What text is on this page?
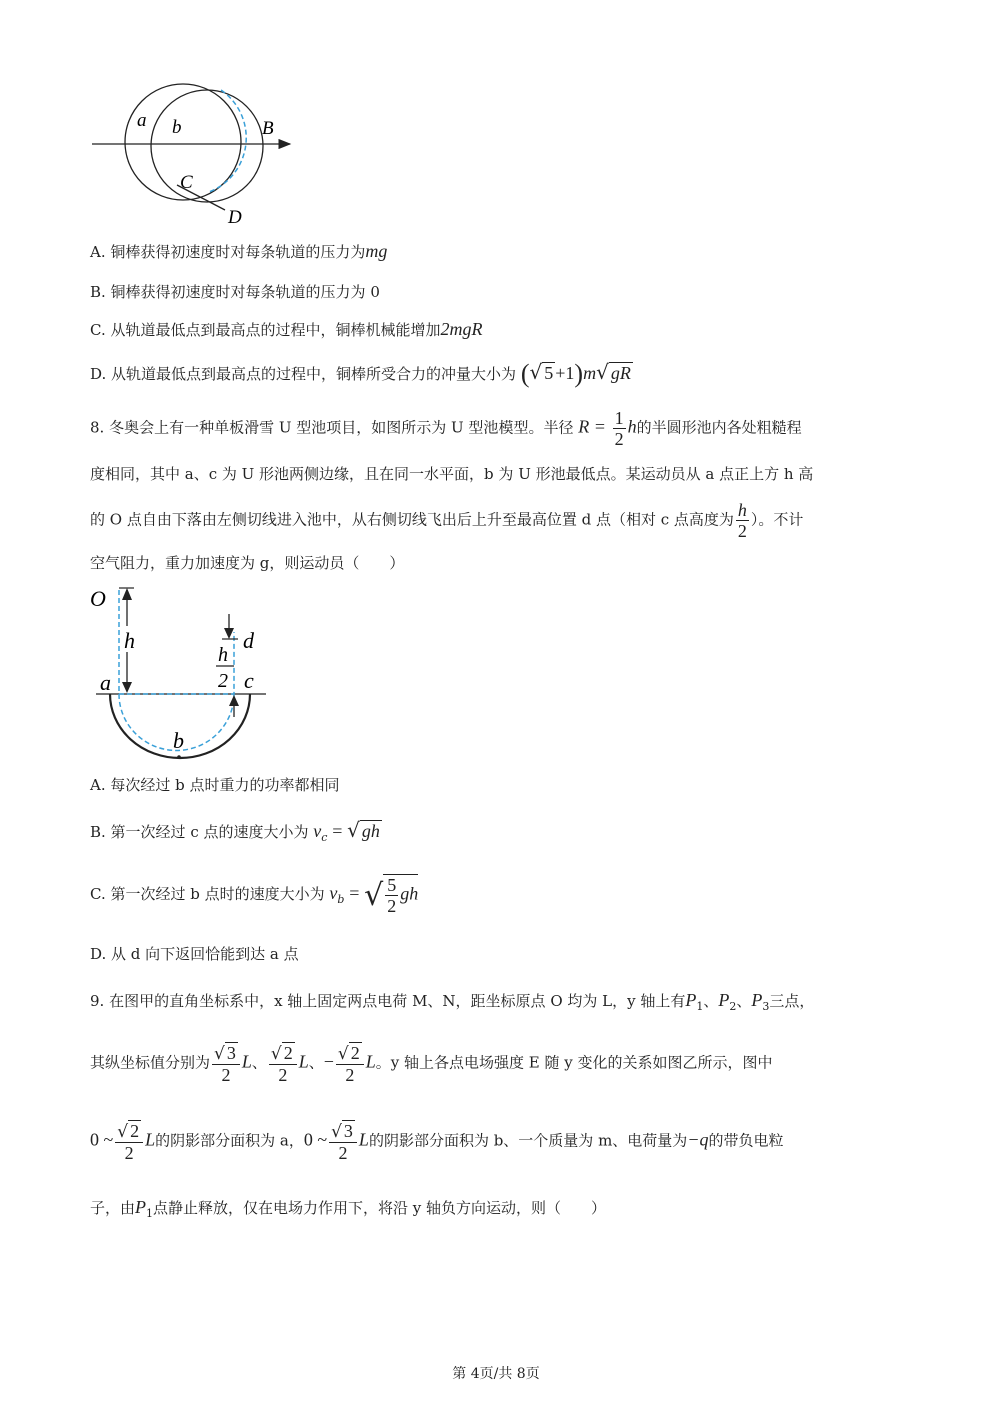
a b	B
C
D
A. 铜棒获得初速度时对每条轨道的压力为mg
B. 铜棒获得初速度时对每条轨道的压力为 0
C. 从轨道最低点到最高点的过程中，铜棒机械能增加2mgR
D. 从轨道最低点到最高点的过程中，铜棒所受合力的冲量大小为 (√ 5 +1)m√ gR
8. 冬奥会上有一种单板滑雪 U 型池项目，如图所示为 U 型池模型。半径 $R = \frac{1}{2}$ h的半圆形池内各处粗糙程
度相同，其中 a、c 为 U 形池两侧边缘，且在同一水平面，b 为 U 形池最低点。某运动员从 a 点正上方 h 高
的 O 点自由下落由左侧切线进入池中，从右侧切线飞出后上升至最高位置 d 点（相对 c 点高度为 $\frac{h}{2}$ ）。不计
空气阻力，重力加速度为 g，则运动员（　　）
O
h	d
h
2
a	c
b
A. 每次经过 b 点时重力的功率都相同
B. 第一次经过 c 点的速度大小为 $v_c$ = √ gh
C. 第一次经过 b 点时的速度大小为 $v_b$ = √ $\frac{5}{2}$ gh
D. 从 d 向下返回恰能到达 a 点
9. 在图甲的直角坐标系中，x 轴上固定两点电荷 M、N，距坐标原点 O 均为 L，y 轴上有$P_1$、$P_2$、$P_3$三点，
其纵坐标值分别为 $\frac{√ 3}{2}$ L、 $\frac{√ 2}{2}$ L、− $\frac{√ 2}{2}$ L。y 轴上各点电场强度 E 随 y 变化的关系如图乙所示，图中
0 ~ $\frac{√ 2}{2}$ L的阴影部分面积为 a，0 ~ $\frac{√ 3}{2}$ L的阴影部分面积为 b、一个质量为 m、电荷量为−q的带负电粒
子，由$P_1$点静止释放，仅在电场力作用下，将沿 y 轴负方向运动，则（　　）
第 4页/共 8页
